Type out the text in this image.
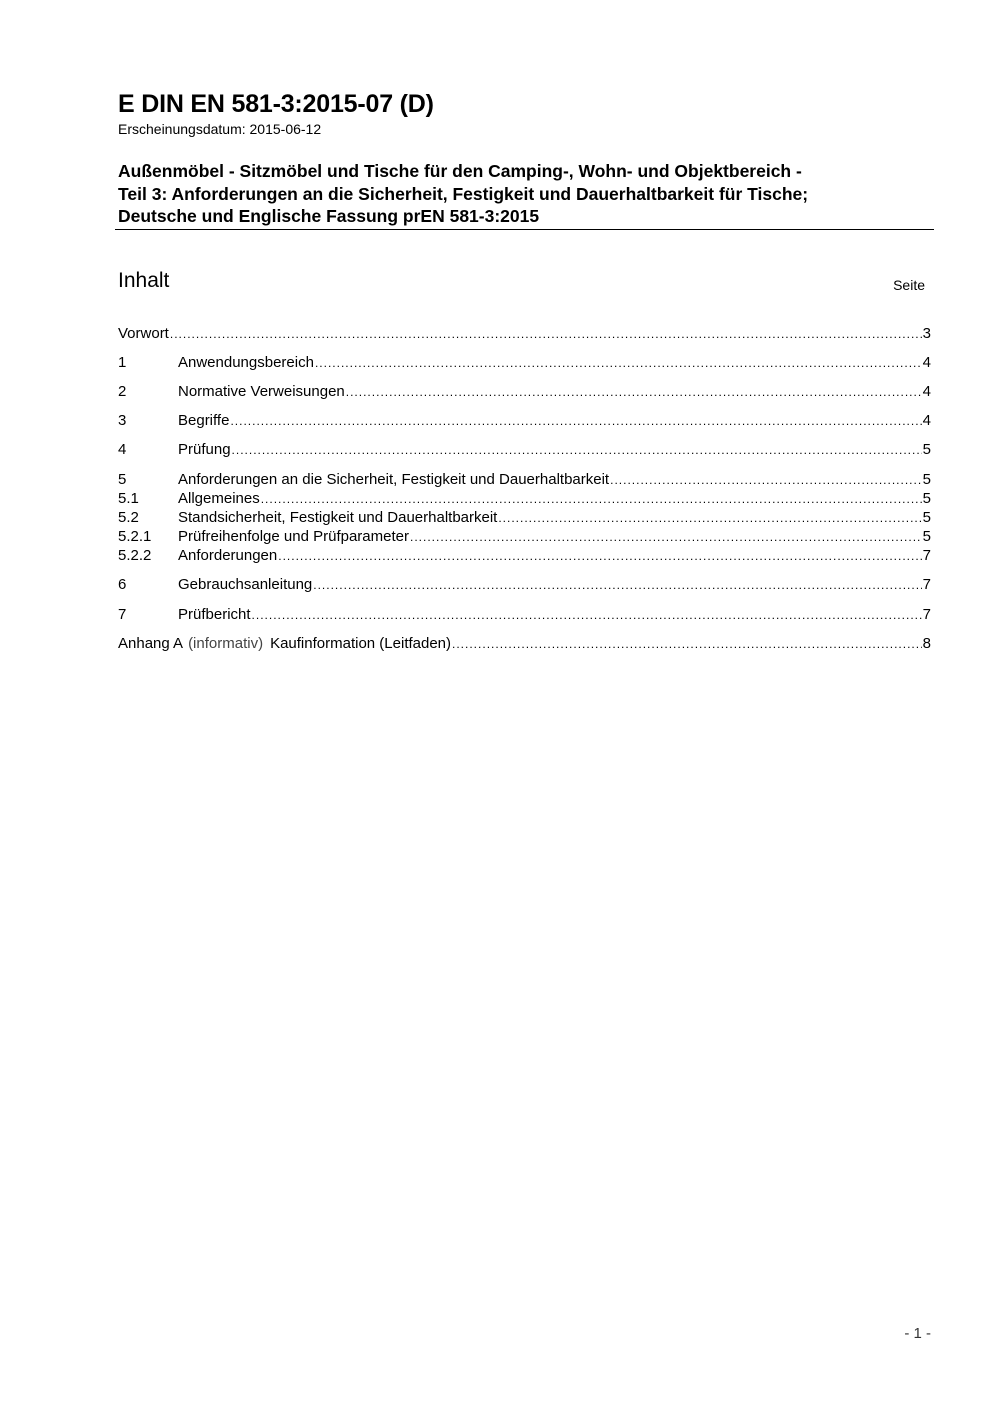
E DIN EN 581-3:2015-07 (D)
Erscheinungsdatum: 2015-06-12
Außenmöbel - Sitzmöbel und Tische für den Camping-, Wohn- und Objektbereich -
Teil 3: Anforderungen an die Sicherheit, Festigkeit und Dauerhaltbarkeit für Tische;
Deutsche und Englische Fassung prEN 581-3:2015
Inhalt	Seite
Vorwort .....	3
1	Anwendungsbereich .....	4
2	Normative Verweisungen .....	4
3	Begriffe .....	4
4	Prüfung .....	5
5	Anforderungen an die Sicherheit, Festigkeit und Dauerhaltbarkeit .....	5
5.1	Allgemeines .....	5
5.2	Standsicherheit, Festigkeit und Dauerhaltbarkeit .....	5
5.2.1	Prüfreihenfolge und Prüfparameter .....	5
5.2.2	Anforderungen .....	7
6	Gebrauchsanleitung .....	7
7	Prüfbericht .....	7
Anhang A (informativ) Kaufinformation (Leitfaden) .....	8
- 1 -
